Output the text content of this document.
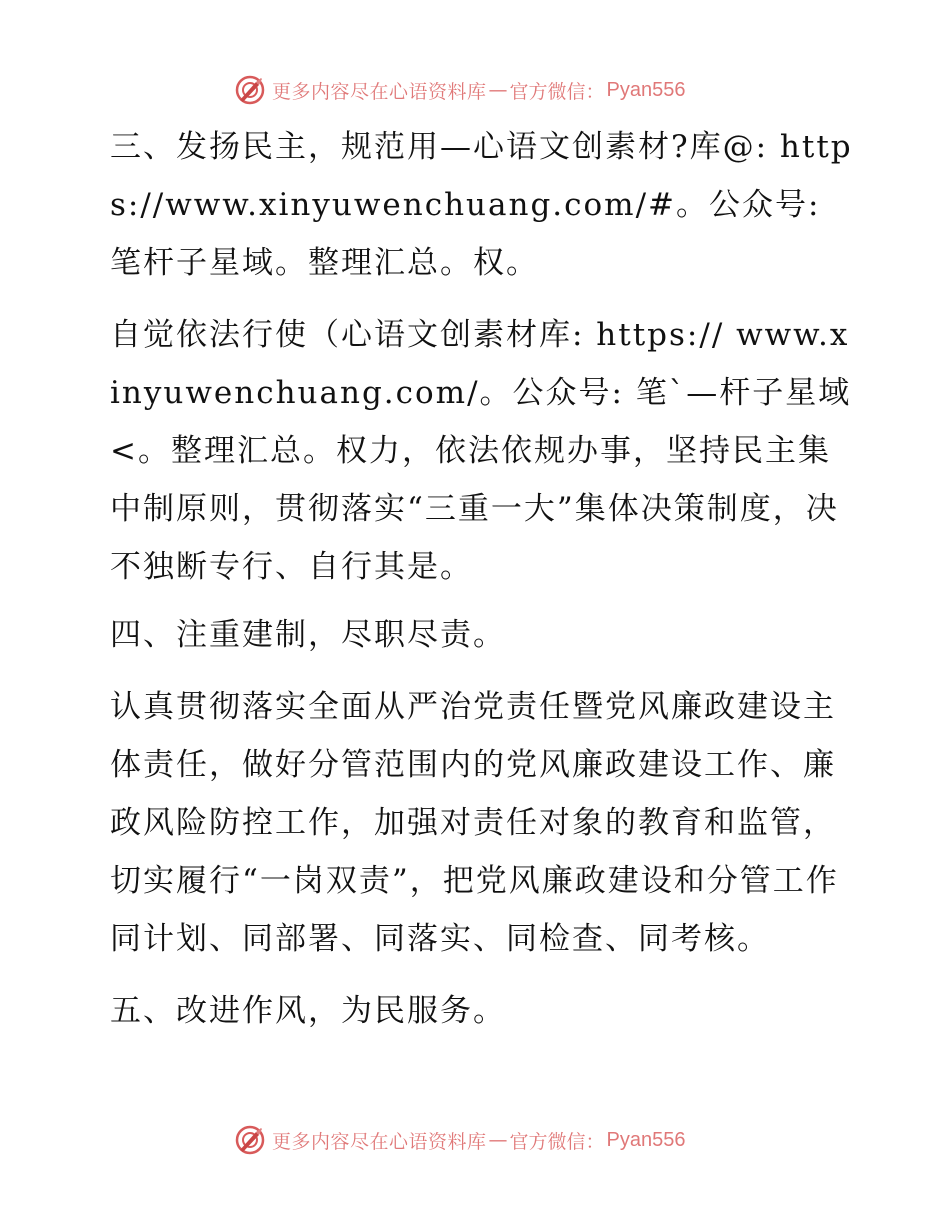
更多内容尽在心语资料库 — 官方微信： Pyan556

三、发扬民主，规范用—心语文创素材?库@: https://www.xinyuwenchuang.com/#。公众号: 笔杆子星域。整理汇总。权。

自觉依法行使（心语文创素材库: https:// www.xinyuwenchuang.com/。公众号: 笔`—杆子星域<。整理汇总。权力，依法依规办事，坚持民主集中制原则，贯彻落实“三重一大”集体决策制度，决不独断专行、自行其是。

四、注重建制，尽职尽责。

认真贯彻落实全面从严治党责任暨党风廉政建设主体责任，做好分管范围内的党风廉政建设工作、廉政风险防控工作，加强对责任对象的教育和监管，切实履行“一岗双责”，把党风廉政建设和分管工作同计划、同部署、同落实、同检查、同考核。

五、改进作风，为民服务。

更多内容尽在心语资料库 — 官方微信： Pyan556
